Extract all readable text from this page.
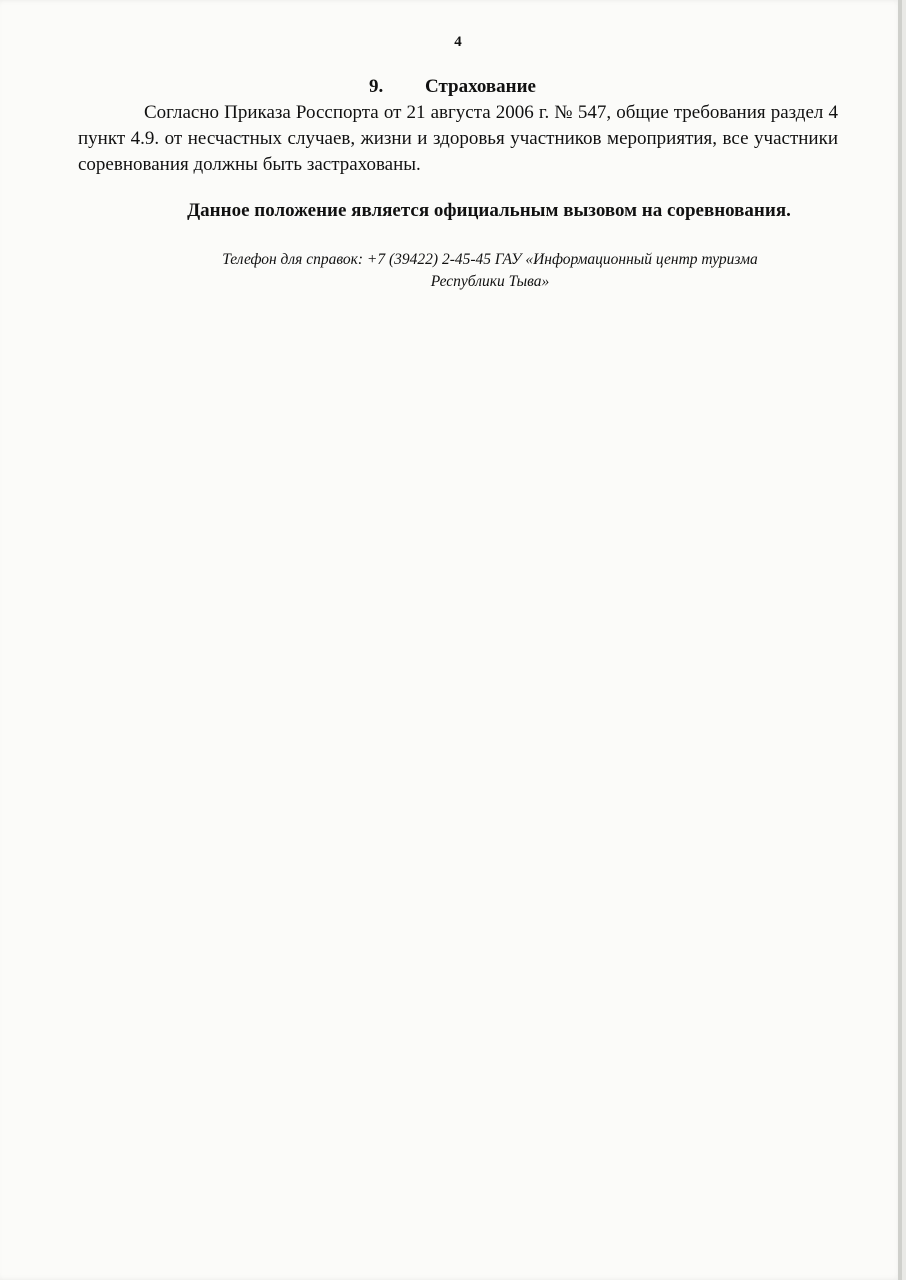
4
9. Страхование

Согласно Приказа Росспорта от 21 августа 2006 г. № 547, общие требования раздел 4 пункт 4.9. от несчастных случаев, жизни и здоровья участников мероприятия, все участники соревнования должны быть застрахованы.

Данное положение является официальным вызовом на соревнования.
Телефон для справок: +7 (39422) 2-45-45 ГАУ «Информационный центр туризма
Республики Тыва»
